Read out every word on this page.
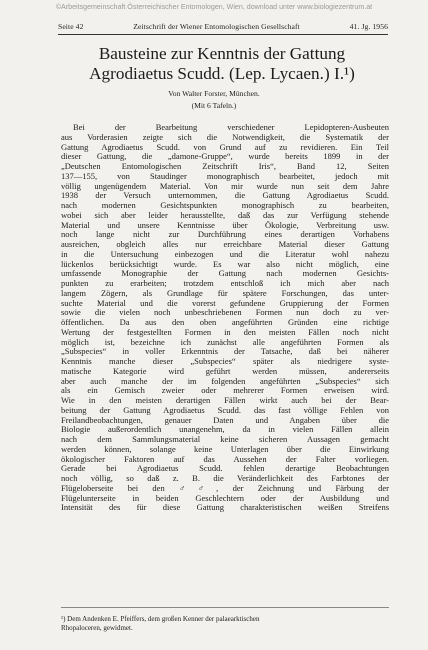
©Arbeitsgemeinschaft Österreichischer Entomologen, Wien, download unter www.biologiezentrum.at
Seite 42	Zeitschrift der Wiener Entomologischen Gesellschaft	41. Jg. 1956
Bausteine zur Kenntnis der Gattung
Agrodiaetus Scudd. (Lep. Lycaen.) I.¹)
Von Walter Forster, München.
(Mit 6 Tafeln.)
Bei der Bearbeitung verschiedener Lepidopteren-Ausbeuten
aus Vorderasien zeigte sich die Notwendigkeit, die Systematik der
Gattung Agrodiaetus Scudd. von Grund auf zu revidieren. Ein Teil
dieser Gattung, die „damone-Gruppe“, wurde bereits 1899 in der
„Deutschen Entomologischen Zeitschrift Iris“, Band 12, Seiten
137—155, von Staudinger monographisch bearbeitet, jedoch mit
völlig ungenügendem Material. Von mir wurde nun seit dem Jahre
1938 der Versuch unternommen, die Gattung Agrodiaetus Scudd.
nach modernen Gesichtspunkten monographisch zu bearbeiten,
wobei sich aber leider herausstellte, daß das zur Verfügung stehende
Material und unsere Kenntnisse über Ökologie, Verbreitung usw.
noch lange nicht zur Durchführung eines derartigen Vorhabens
ausreichen, obgleich alles nur erreichbare Material dieser Gattung
in die Untersuchung einbezogen und die Literatur wohl nahezu
lückenlos berücksichtigt wurde. Es war also nicht möglich, eine
umfassende Monographie der Gattung nach modernen Gesichts-
punkten zu erarbeiten; trotzdem entschloß ich mich aber nach
langem Zögern, als Grundlage für spätere Forschungen, das unter-
suchte Material und die vorerst gefundene Gruppierung der Formen
sowie die vielen noch unbeschriebenen Formen nun doch zu ver-
öffentlichen. Da aus den oben angeführten Gründen eine richtige
Wertung der festgestellten Formen in den meisten Fällen noch nicht
möglich ist, bezeichne ich zunächst alle angeführten Formen als
„Subspecies“ in voller Erkenntnis der Tatsache, daß bei näherer
Kenntnis manche dieser „Subspecies“ später als niedrigere syste-
matische Kategorie wird geführt werden müssen, andererseits
aber auch manche der im folgenden angeführten „Subspecies“ sich
als ein Gemisch zweier oder mehrerer Formen erweisen wird.
Wie in den meisten derartigen Fällen wirkt auch bei der Bear-
beitung der Gattung Agrodiaetus Scudd. das fast völlige Fehlen von
Freilandbeobachtungen, genauer Daten und Angaben über die
Biologie außerordentlich unangenehm, da in vielen Fällen allein
nach dem Sammlungsmaterial keine sicheren Aussagen gemacht
werden können, solange keine Unterlagen über die Einwirkung
ökologischer Faktoren auf das Aussehen der Falter vorliegen.
Gerade bei Agrodiaetus Scudd. fehlen derartige Beobachtungen
noch völlig, so daß z. B. die Veränderlichkeit des Farbtones der
Flügeloberseite bei den ♂♂, der Zeichnung und Färbung der
Flügelunterseite in beiden Geschlechtern oder der Ausbildung und
Intensität des für diese Gattung charakteristischen weißen Streifens
¹) Dem Andenken E. Pfeiffers, dem großen Kenner der palaearktischen
Rhopaloceren, gewidmet.
